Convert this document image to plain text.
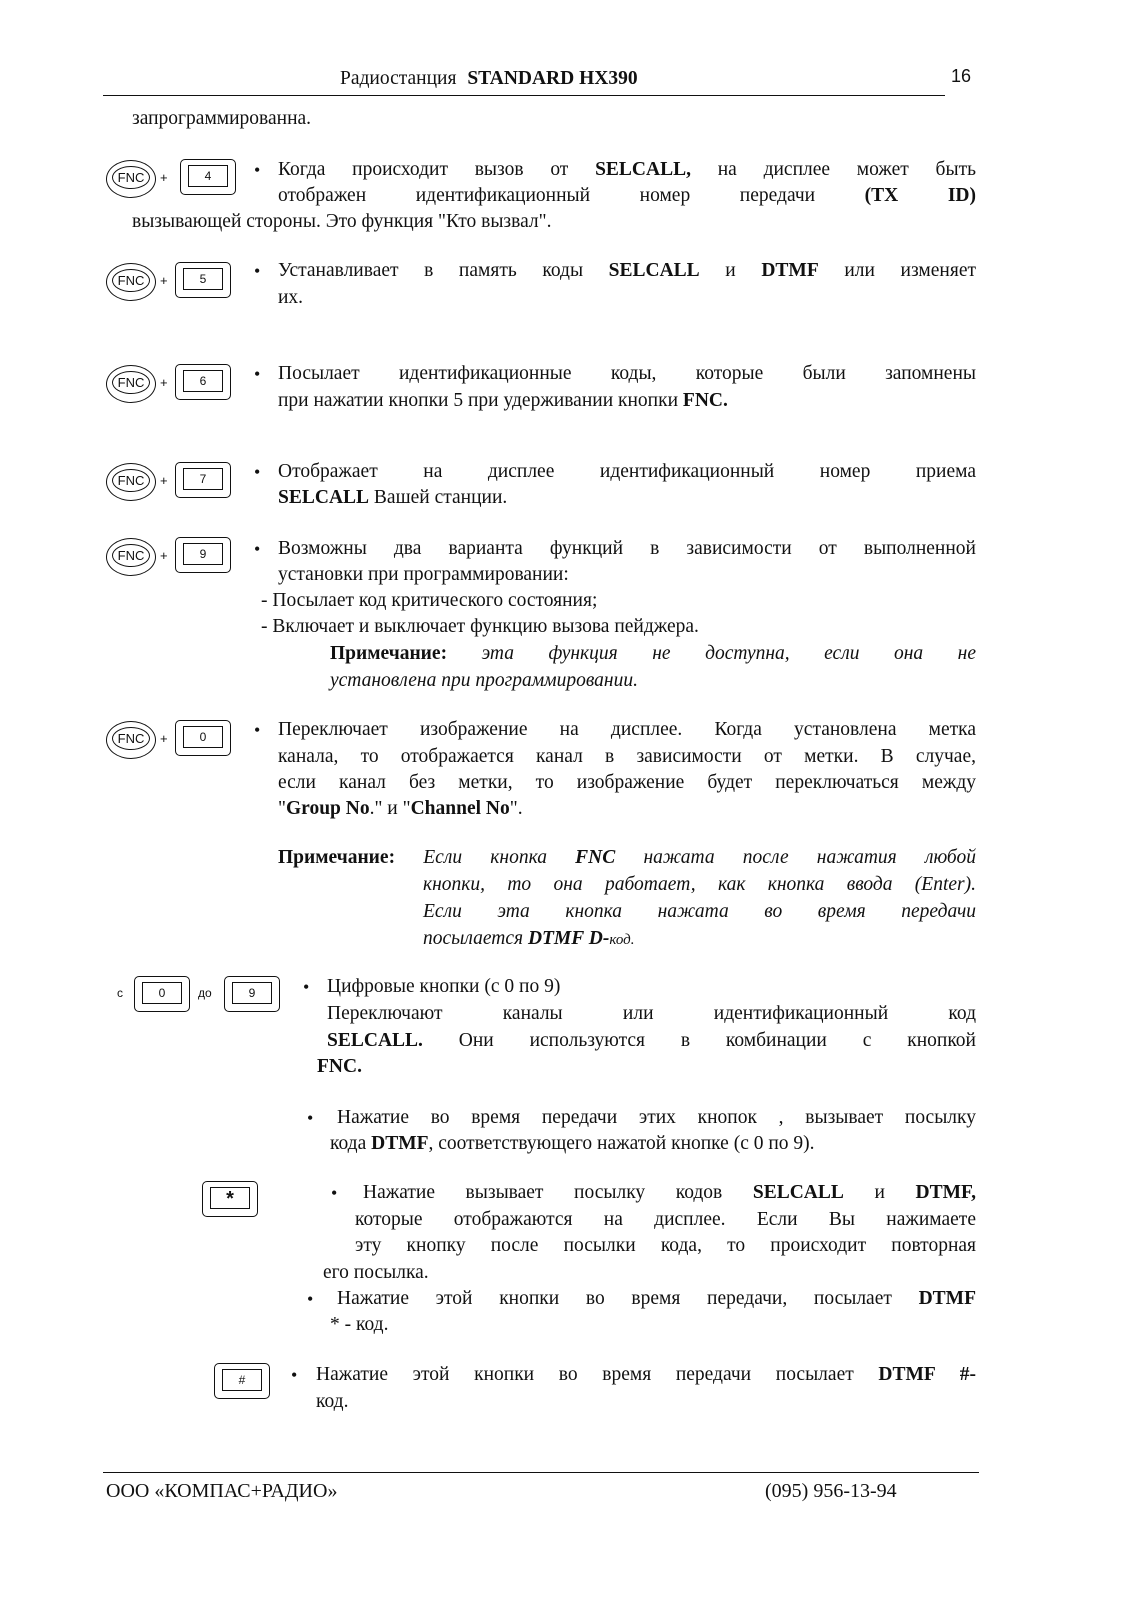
Радиостанция STANDARD HX390	16
запрограммированна.
FNC	+	4	• Когда происходит вызов от SELCALL, на дисплее может быть
отображен идентификационный номер передачи (TX ID)
вызывающей стороны. Это функция "Кто вызвал".
FNC	+	5	• Устанавливает в память коды SELCALL и DTMF или изменяет
их.
FNC	+	6	• Посылает идентификационные коды, которые были запомнены
при нажатии кнопки 5 при удерживании кнопки FNC.
FNC	+	7	• Отображает на дисплее идентификационный номер приема
SELCALL Вашей станции.
FNC	+	9	• Возможны два варианта функций в зависимости от выполненной
установки при программировании:
- Посылает код критического состояния;
- Включает и выключает функцию вызова пейджера.
Примечание: эта функция не доступна, если она не
установлена при программировании.
FNC	+	0	• Переключает изображение на дисплее. Когда установлена метка
канала, то отображается канал в зависимости от метки. В случае,
если канал без метки, то изображение будет переключаться между
"Group No." и "Channel No".
Примечание: Если кнопка FNC нажата после нажатия любой
кнопки, то она работает, как кнопка ввода (Enter).
Если эта кнопка нажата во время передачи
посылается DTMF D-код.
с	0	до	9	• Цифровые кнопки (с 0 по 9)
Переключают каналы или идентификационный код
SELCALL. Они используются в комбинации с кнопкой
FNC.
• Нажатие во время передачи этих кнопок , вызывает посылку
кода DTMF, соответствующего нажатой кнопке (с 0 по 9).
*	• Нажатие вызывает посылку кодов SELCALL и DTMF,
которые отображаются на дисплее. Если Вы нажимаете
эту кнопку после посылки кода, то происходит повторная
его посылка.
• Нажатие этой кнопки во время передачи, посылает DTMF
* - код.
#	• Нажатие этой кнопки во время передачи посылает DTMF #-
код.
ООО «КОМПАС+РАДИО»	(095) 956-13-94
